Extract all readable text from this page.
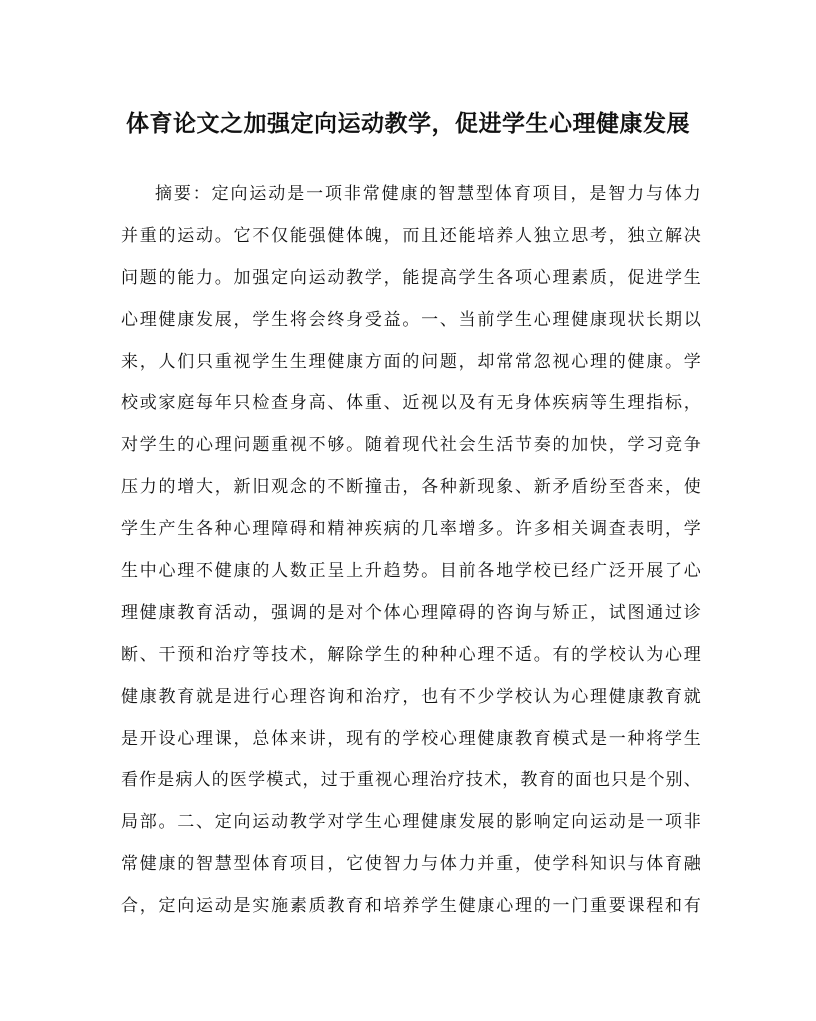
体育论文之加强定向运动教学，促进学生心理健康发展
摘要：定向运动是一项非常健康的智慧型体育项目，是智力与体力
并重的运动。它不仅能强健体魄，而且还能培养人独立思考，独立解决
问题的能力。加强定向运动教学，能提高学生各项心理素质，促进学生
心理健康发展，学生将会终身受益。一、当前学生心理健康现状长期以
来，人们只重视学生生理健康方面的问题，却常常忽视心理的健康。学
校或家庭每年只检查身高、体重、近视以及有无身体疾病等生理指标，
对学生的心理问题重视不够。随着现代社会生活节奏的加快，学习竞争
压力的增大，新旧观念的不断撞击，各种新现象、新矛盾纷至沓来，使
学生产生各种心理障碍和精神疾病的几率增多。许多相关调查表明，学
生中心理不健康的人数正呈上升趋势。目前各地学校已经广泛开展了心
理健康教育活动，强调的是对个体心理障碍的咨询与矫正，试图通过诊
断、干预和治疗等技术，解除学生的种种心理不适。有的学校认为心理
健康教育就是进行心理咨询和治疗，也有不少学校认为心理健康教育就
是开设心理课，总体来讲，现有的学校心理健康教育模式是一种将学生
看作是病人的医学模式，过于重视心理治疗技术，教育的面也只是个别、
局部。二、定向运动教学对学生心理健康发展的影响定向运动是一项非
常健康的智慧型体育项目，它使智力与体力并重，使学科知识与体育融
合，定向运动是实施素质教育和培养学生健康心理的一门重要课程和有
